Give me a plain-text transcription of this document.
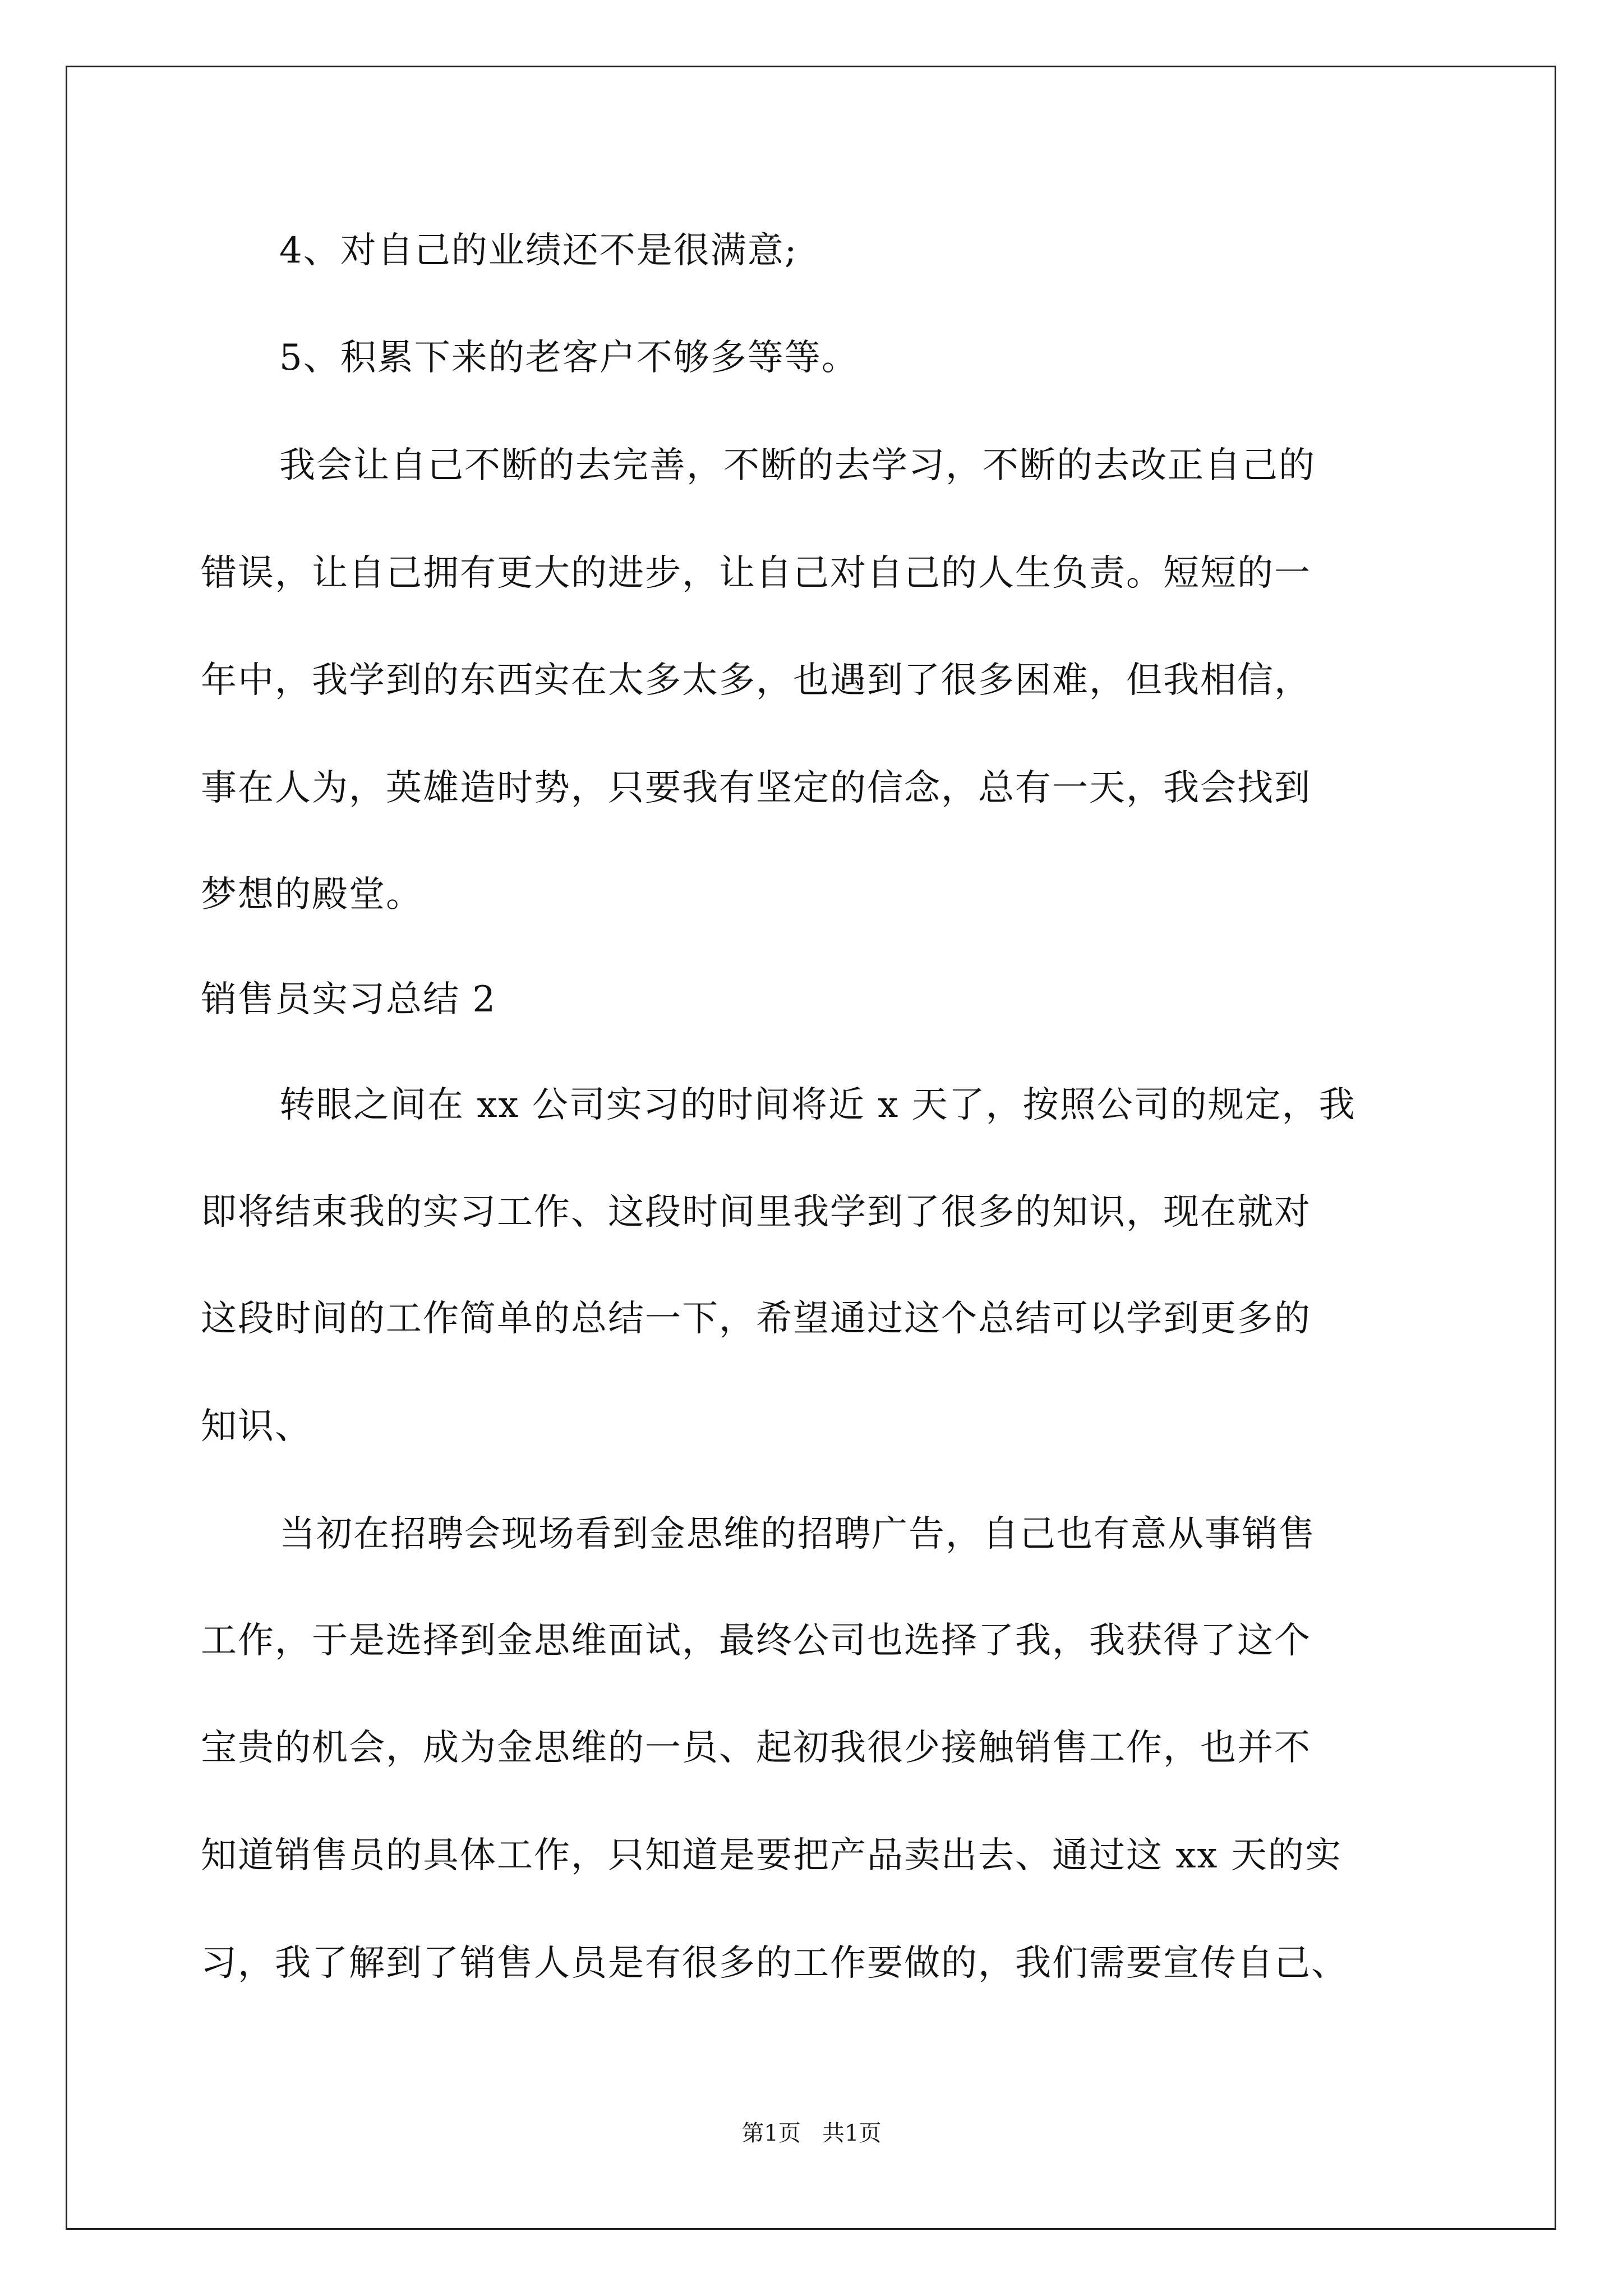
4、对自己的业绩还不是很满意;
5、积累下来的老客户不够多等等。
我会让自己不断的去完善，不断的去学习，不断的去改正自己的
错误，让自己拥有更大的进步，让自己对自己的人生负责。短短的一
年中，我学到的东西实在太多太多，也遇到了很多困难，但我相信，
事在人为，英雄造时势，只要我有坚定的信念，总有一天，我会找到
梦想的殿堂。
销售员实习总结 2
转眼之间在 xx 公司实习的时间将近 x 天了，按照公司的规定，我
即将结束我的实习工作、这段时间里我学到了很多的知识，现在就对
这段时间的工作简单的总结一下，希望通过这个总结可以学到更多的
知识、
当初在招聘会现场看到金思维的招聘广告，自己也有意从事销售
工作，于是选择到金思维面试，最终公司也选择了我，我获得了这个
宝贵的机会，成为金思维的一员、起初我很少接触销售工作，也并不
知道销售员的具体工作，只知道是要把产品卖出去、通过这 xx 天的实
习，我了解到了销售人员是有很多的工作要做的，我们需要宣传自己、
第1页   共1页
